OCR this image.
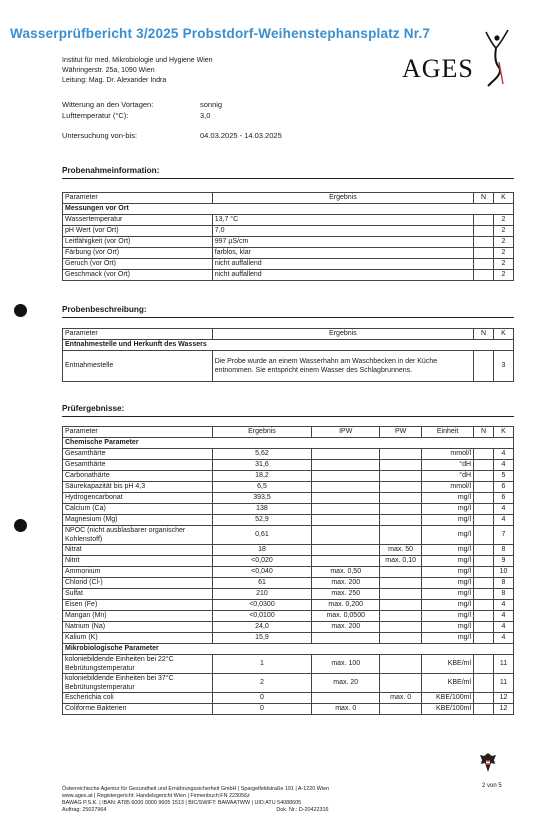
Wasserprüfbericht 3/2025 Probstdorf-Weihenstephansplatz Nr.7
Institut für med. Mikrobiologie und Hygiene Wien
Währingerstr. 25a, 1090 Wien
Leitung: Mag. Dr. Alexander Indra	AGES
Witterung an den Vortagen:	sonnig
Lufttemperatur (°C):	3,0
Untersuchung von-bis:	04.03.2025 - 14.03.2025
Probenahmeinformation:
Parameter	Ergebnis	N	K
Messungen vor Ort			
Wassertemperatur	13,7 °C		2
pH Wert (vor Ort)	7,0		2
Leitfähigkeit (vor Ort)	997 µS/cm		2
Färbung (vor Ort)	farblos, klar		2
Geruch (vor Ort)	nicht auffallend		2
Geschmack (vor Ort)	nicht auffallend		2
Probenbeschreibung:
Parameter	Ergebnis	N	K
Entnahmestelle und Herkunft des Wassers			
Entnahmestelle	Die Probe wurde an einem Wasserhahn am Waschbecken in der Küche entnommen. Sie entspricht einem Wasser des Schlagbrunnens.		3
Prüfergebnisse:
Parameter	Ergebnis	IPW	PW	Einheit	N	K
Chemische Parameter						
Gesamthärte	5,62			mmol/l		4
Gesamthärte	31,6			°dH		4
Carbonathärte	18,2			°dH		5
Säurekapazität bis pH 4,3	6,5			mmol/l		6
Hydrogencarbonat	393,5			mg/l		6
Calcium (Ca)	138			mg/l		4
Magnesium (Mg)	52,9			mg/l		4
NPOC (nicht ausblasbarer organischer Kohlenstoff)	0,61			mg/l		7
Nitrat	18		max. 50	mg/l		8
Nitrit	<0,020		max. 0,10	mg/l		9
Ammonium	<0,040	max. 0,50		mg/l		10
Chlorid (Cl-)	61	max. 200		mg/l		8
Sulfat	210	max. 250		mg/l		8
Eisen (Fe)	<0,0300	max. 0,200		mg/l		4
Mangan (Mn)	<0,0100	max. 0,0500		mg/l		4
Natrium (Na)	24,0	max. 200		mg/l		4
Kalium (K)	15,9			mg/l		4
Mikrobiologische Parameter						
koloniebildende Einheiten bei 22°C Bebrütungstemperatur	1	max. 100		KBE/ml		11
koloniebildende Einheiten bei 37°C Bebrütungstemperatur	2	max. 20		KBE/ml		11
Escherichia coli	0		max. 0	KBE/100ml		12
Coliforme Bakterien	0	max. 0		KBE/100ml		12
Österreichische Agentur für Gesundheit und Ernährungssicherheit GmbH | Spargelfeldstraße 191 | A-1220 Wien
www.ages.at | Registergericht: Handelsgericht Wien | Firmenbuch:FN 223056z
BAWAG P.S.K. | IBAN: AT85 6000 0000 9605 1513 | BIC/SWIFT: BAWAATWW | UID:ATU 54088605
Auftrag: 25027964	Dok. Nr.: D-20422316
2 von 5
